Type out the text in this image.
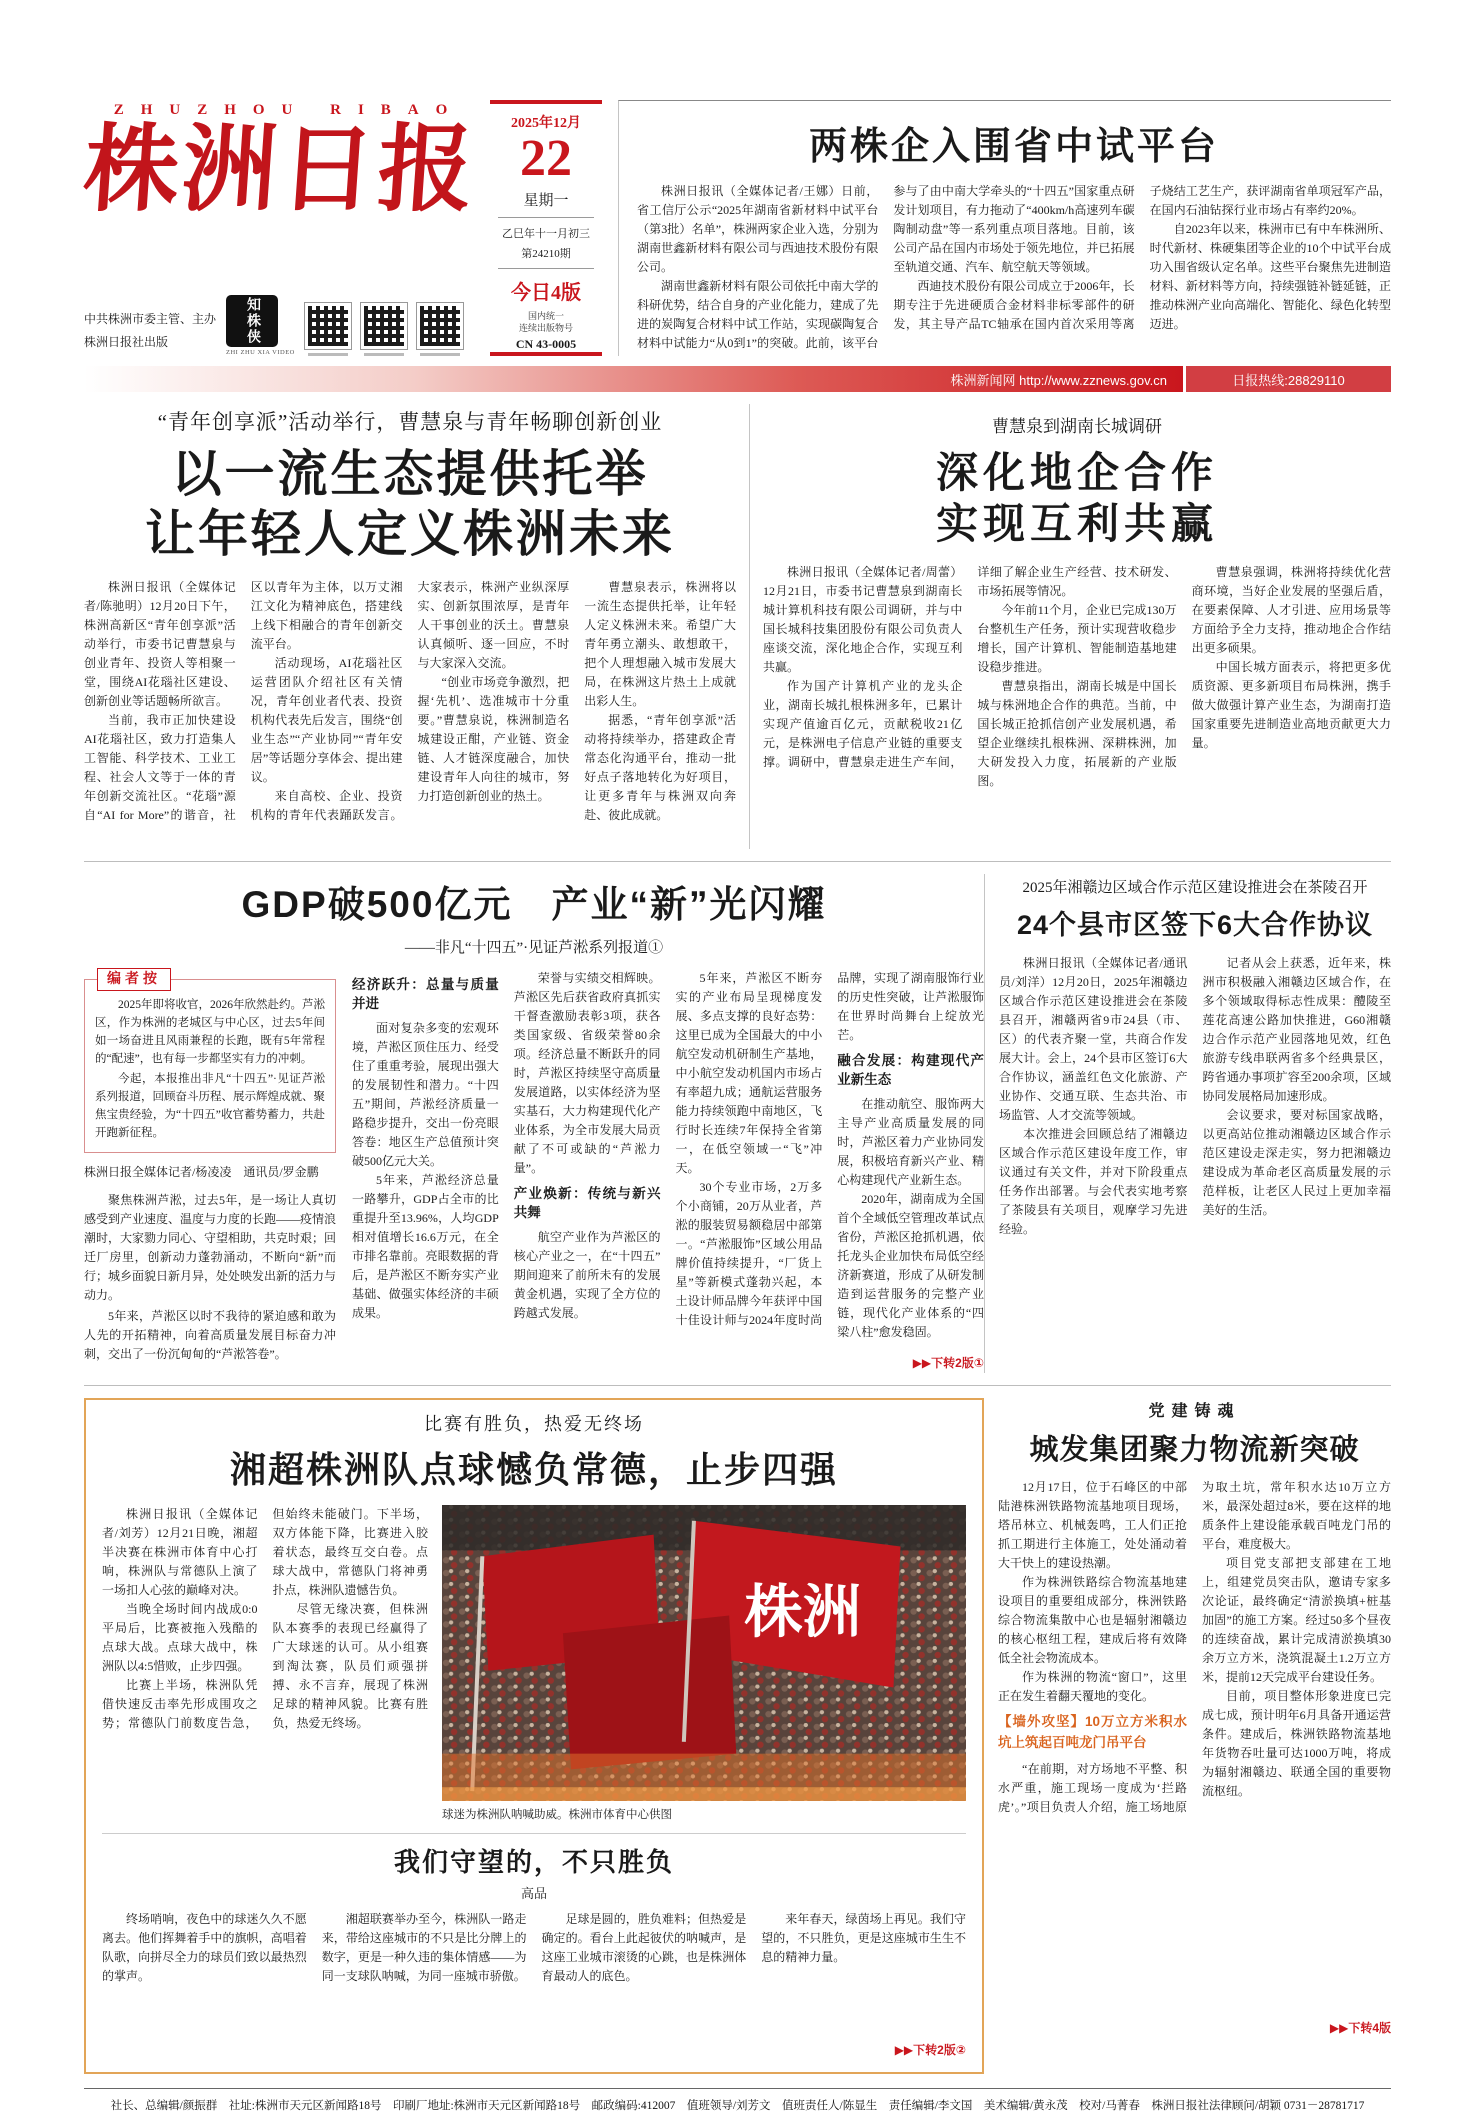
ZHUZHOU RIBAO
株洲日报
中共株洲市委主管、主办
株洲日报社出版	知株侠
ZHI ZHU XIA VIDEO
2025年12月
22
星期一
乙巳年十一月初三
第24210期
今日4版
国内统一
连续出版物号
CN 43-0005
两株企入围省中试平台

株洲日报讯（全媒体记者/王娜）日前，省工信厅公示“2025年湖南省新材料中试平台（第3批）名单”，株洲两家企业入选，分别为湖南世鑫新材料有限公司与西迪技术股份有限公司。

湖南世鑫新材料有限公司依托中南大学的科研优势，结合自身的产业化能力，建成了先进的炭陶复合材料中试工作站，实现碳陶复合材料中试能力“从0到1”的突破。此前，该平台参与了由中南大学牵头的“十四五”国家重点研发计划项目，有力拖动了“400km/h高速列车碳陶制动盘”等一系列重点项目落地。目前，该公司产品在国内市场处于领先地位，并已拓展至轨道交通、汽车、航空航天等领域。

西迪技术股份有限公司成立于2006年，长期专注于先进硬质合金材料非标零部件的研发，其主导产品TC轴承在国内首次采用等离子烧结工艺生产，获评湖南省单项冠军产品，在国内石油钻探行业市场占有率约20%。

自2023年以来，株洲市已有中车株洲所、时代新材、株硬集团等企业的10个中试平台成功入围省级认定名单。这些平台聚焦先进制造材料、新材料等方向，持续强链补链延链，正推动株洲产业向高端化、智能化、绿色化转型迈进。

株洲新闻网 http://www.zznews.gov.cn	日报热线:28829110
“青年创享派”活动举行，曹慧泉与青年畅聊创新创业
以一流生态提供托举
让年轻人定义株洲未来

株洲日报讯（全媒体记者/陈驰明）12月20日下午，株洲高新区“青年创享派”活动举行，市委书记曹慧泉与创业青年、投资人等相聚一堂，围绕AI花瑙社区建设、创新创业等话题畅所欲言。

当前，我市正加快建设AI花瑙社区，致力打造集人工智能、科学技术、工业工程、社会人文等于一体的青年创新交流社区。“花瑙”源自“AI for More”的谐音，社区以青年为主体，以万丈湘江文化为精神底色，搭建线上线下相融合的青年创新交流平台。

活动现场，AI花瑙社区运营团队介绍社区有关情况，青年创业者代表、投资机构代表先后发言，围绕“创业生态”“产业协同”“青年安居”等话题分享体会、提出建议。

来自高校、企业、投资机构的青年代表踊跃发言。大家表示，株洲产业纵深厚实、创新氛围浓厚，是青年人干事创业的沃土。曹慧泉认真倾听、逐一回应，不时与大家深入交流。

“创业市场竞争激烈，把握‘先机’、选准城市十分重要。”曹慧泉说，株洲制造名城建设正酣，产业链、资金链、人才链深度融合，加快建设青年人向往的城市，努力打造创新创业的热土。

曹慧泉表示，株洲将以一流生态提供托举，让年轻人定义株洲未来。希望广大青年勇立潮头、敢想敢干，把个人理想融入城市发展大局，在株洲这片热土上成就出彩人生。

据悉，“青年创享派”活动将持续举办，搭建政企青常态化沟通平台，推动一批好点子落地转化为好项目，让更多青年与株洲双向奔赴、彼此成就。

曹慧泉到湖南长城调研
深化地企合作
实现互利共赢

株洲日报讯（全媒体记者/周蕾）12月21日，市委书记曹慧泉到湖南长城计算机科技有限公司调研，并与中国长城科技集团股份有限公司负责人座谈交流，深化地企合作，实现互利共赢。

作为国产计算机产业的龙头企业，湖南长城扎根株洲多年，已累计实现产值逾百亿元，贡献税收21亿元，是株洲电子信息产业链的重要支撑。调研中，曹慧泉走进生产车间，详细了解企业生产经营、技术研发、市场拓展等情况。

今年前11个月，企业已完成130万台整机生产任务，预计实现营收稳步增长，国产计算机、智能制造基地建设稳步推进。

曹慧泉指出，湖南长城是中国长城与株洲地企合作的典范。当前，中国长城正抢抓信创产业发展机遇，希望企业继续扎根株洲、深耕株洲，加大研发投入力度，拓展新的产业版图。

曹慧泉强调，株洲将持续优化营商环境，当好企业发展的坚强后盾，在要素保障、人才引进、应用场景等方面给予全力支持，推动地企合作结出更多硕果。

中国长城方面表示，将把更多优质资源、更多新项目布局株洲，携手做大做强计算产业生态，为湖南打造国家重要先进制造业高地贡献更大力量。

GDP破500亿元　产业“新”光闪耀
——非凡“十四五”·见证芦淞系列报道①
编者按

2025年即将收官，2026年欣然赴约。芦淞区，作为株洲的老城区与中心区，过去5年间如一场奋进且风雨兼程的长跑，既有5年常程的“配速”，也有每一步都坚实有力的冲刺。

今起，本报推出非凡“十四五”·见证芦淞系列报道，回顾奋斗历程、展示辉煌成就、聚焦宝贵经验，为“十四五”收官蓄势蓄力，共赴开跑新征程。

株洲日报全媒体记者/杨凌凌　通讯员/罗金鹏

聚焦株洲芦淞，过去5年，是一场让人真切感受到产业速度、温度与力度的长跑——疫情浪潮时，大家勠力同心、守望相助，共克时艰；回迁厂房里，创新动力蓬勃涌动，不断向“新”而行；城乡面貌日新月异，处处映发出新的活力与动力。

5年来，芦淞区以时不我待的紧迫感和敢为人先的开拓精神，向着高质量发展目标奋力冲刺，交出了一份沉甸甸的“芦淞答卷”。

经济跃升：总量与质量并进

面对复杂多变的宏观环境，芦淞区顶住压力、经受住了重重考验，展现出强大的发展韧性和潜力。“十四五”期间，芦淞经济质量一路稳步提升，交出一份亮眼答卷：地区生产总值预计突破500亿元大关。

5年来，芦淞经济总量一路攀升，GDP占全市的比重提升至13.96%，人均GDP相对值增长16.6万元，在全市排名靠前。亮眼数据的背后，是芦淞区不断夯实产业基础、做强实体经济的丰硕成果。

荣誉与实绩交相辉映。芦淞区先后获省政府真抓实干督查激励表彰3项，获各类国家级、省级荣誉80余项。经济总量不断跃升的同时，芦淞区持续坚守高质量发展道路，以实体经济为坚实基石，大力构建现代化产业体系，为全市发展大局贡献了不可或缺的“芦淞力量”。

产业焕新：传统与新兴共舞

航空产业作为芦淞区的核心产业之一，在“十四五”期间迎来了前所未有的发展黄金机遇，实现了全方位的跨越式发展。

5年来，芦淞区不断夯实的产业布局呈现梯度发展、多点支撑的良好态势：这里已成为全国最大的中小航空发动机研制生产基地，中小航空发动机国内市场占有率超九成；通航运营服务能力持续领跑中南地区，飞行时长连续7年保持全省第一，在低空领域一“飞”冲天。

30个专业市场，2万多个小商铺，20万从业者，芦淞的服装贸易额稳居中部第一。“芦淞服饰”区域公用品牌价值持续提升，“厂货上星”等新模式蓬勃兴起，本土设计师品牌今年获评中国十佳设计师与2024年度时尚品牌，实现了湖南服饰行业的历史性突破，让芦淞服饰在世界时尚舞台上绽放光芒。

融合发展：构建现代产业新生态

在推动航空、服饰两大主导产业高质量发展的同时，芦淞区着力产业协同发展，积极培育新兴产业、精心构建现代产业新生态。

2020年，湖南成为全国首个全域低空管理改革试点省份，芦淞区抢抓机遇，依托龙头企业加快布局低空经济新赛道，形成了从研发制造到运营服务的完整产业链，现代化产业体系的“四梁八柱”愈发稳固。

▶▶下转2版①
2025年湘赣边区域合作示范区建设推进会在茶陵召开
24个县市区签下6大合作协议

株洲日报讯（全媒体记者/通讯员/刘洋）12月20日，2025年湘赣边区域合作示范区建设推进会在茶陵县召开，湘赣两省9市24县（市、区）的代表齐聚一堂，共商合作发展大计。会上，24个县市区签订6大合作协议，涵盖红色文化旅游、产业协作、交通互联、生态共治、市场监管、人才交流等领域。

本次推进会回顾总结了湘赣边区域合作示范区建设年度工作，审议通过有关文件，并对下阶段重点任务作出部署。与会代表实地考察了茶陵县有关项目，观摩学习先进经验。

记者从会上获悉，近年来，株洲市积极融入湘赣边区域合作，在多个领域取得标志性成果：醴陵至莲花高速公路加快推进，G60湘赣边合作示范产业园落地见效，红色旅游专线串联两省多个经典景区，跨省通办事项扩容至200余项，区域协同发展格局加速形成。

会议要求，要对标国家战略，以更高站位推动湘赣边区域合作示范区建设走深走实，努力把湘赣边建设成为革命老区高质量发展的示范样板，让老区人民过上更加幸福美好的生活。

比赛有胜负，热爱无终场
湘超株洲队点球憾负常德，止步四强

株洲日报讯（全媒体记者/刘芳）12月21日晚，湘超半决赛在株洲市体育中心打响，株洲队与常德队上演了一场扣人心弦的巅峰对决。

当晚全场时间内战成0:0平局后，比赛被拖入残酷的点球大战。点球大战中，株洲队以4:5惜败，止步四强。

比赛上半场，株洲队凭借快速反击率先形成围攻之势；常德队门前数度告急，但始终未能破门。下半场，双方体能下降，比赛进入胶着状态，最终互交白卷。点球大战中，常德队门将神勇扑点，株洲队遗憾告负。

尽管无缘决赛，但株洲队本赛季的表现已经赢得了广大球迷的认可。从小组赛到淘汰赛，队员们顽强拼搏、永不言弃，展现了株洲足球的精神风貌。比赛有胜负，热爱无终场。

株洲
球迷为株洲队呐喊助威。株洲市体育中心供图
我们守望的，不只胜负
高品

终场哨响，夜色中的球迷久久不愿离去。他们挥舞着手中的旗帜，高唱着队歌，向拼尽全力的球员们致以最热烈的掌声。

湘超联赛举办至今，株洲队一路走来，带给这座城市的不只是比分牌上的数字，更是一种久违的集体情感——为同一支球队呐喊，为同一座城市骄傲。

足球是圆的，胜负难料；但热爱是确定的。看台上此起彼伏的呐喊声，是这座工业城市滚烫的心跳，也是株洲体育最动人的底色。

来年春天，绿茵场上再见。我们守望的，不只胜负，更是这座城市生生不息的精神力量。

▶▶下转2版②
党建铸魂
城发集团聚力物流新突破

12月17日，位于石峰区的中部陆港株洲铁路物流基地项目现场，塔吊林立、机械轰鸣，工人们正抢抓工期进行主体施工，处处涌动着大干快上的建设热潮。

作为株洲铁路综合物流基地建设项目的重要组成部分，株洲铁路综合物流集散中心也是辐射湘赣边的核心枢纽工程，建成后将有效降低全社会物流成本。

作为株洲的物流“窗口”，这里正在发生着翻天覆地的变化。

【墙外攻坚】10万立方米积水坑上筑起百吨龙门吊平台

“在前期，对方场地不平整、积水严重，施工现场一度成为‘拦路虎’。”项目负责人介绍，施工场地原为取土坑，常年积水达10万立方米，最深处超过8米，要在这样的地质条件上建设能承载百吨龙门吊的平台，难度极大。

项目党支部把支部建在工地上，组建党员突击队，邀请专家多次论证，最终确定“清淤换填+桩基加固”的施工方案。经过50多个昼夜的连续奋战，累计完成清淤换填30余万立方米，浇筑混凝土1.2万立方米，提前12天完成平台建设任务。

目前，项目整体形象进度已完成七成，预计明年6月具备开通运营条件。建成后，株洲铁路物流基地年货物吞吐量可达1000万吨，将成为辐射湘赣边、联通全国的重要物流枢纽。

▶▶下转4版
社长、总编辑/颜振群　社址:株洲市天元区新闻路18号　印刷厂地址:株洲市天元区新闻路18号　邮政编码:412007　值班领导/刘芳文　值班责任人/陈显生　责任编辑/李文国　美术编辑/黄永茂　校对/马菁春　株洲日报社法律顾问/胡颖 0731－28781717
